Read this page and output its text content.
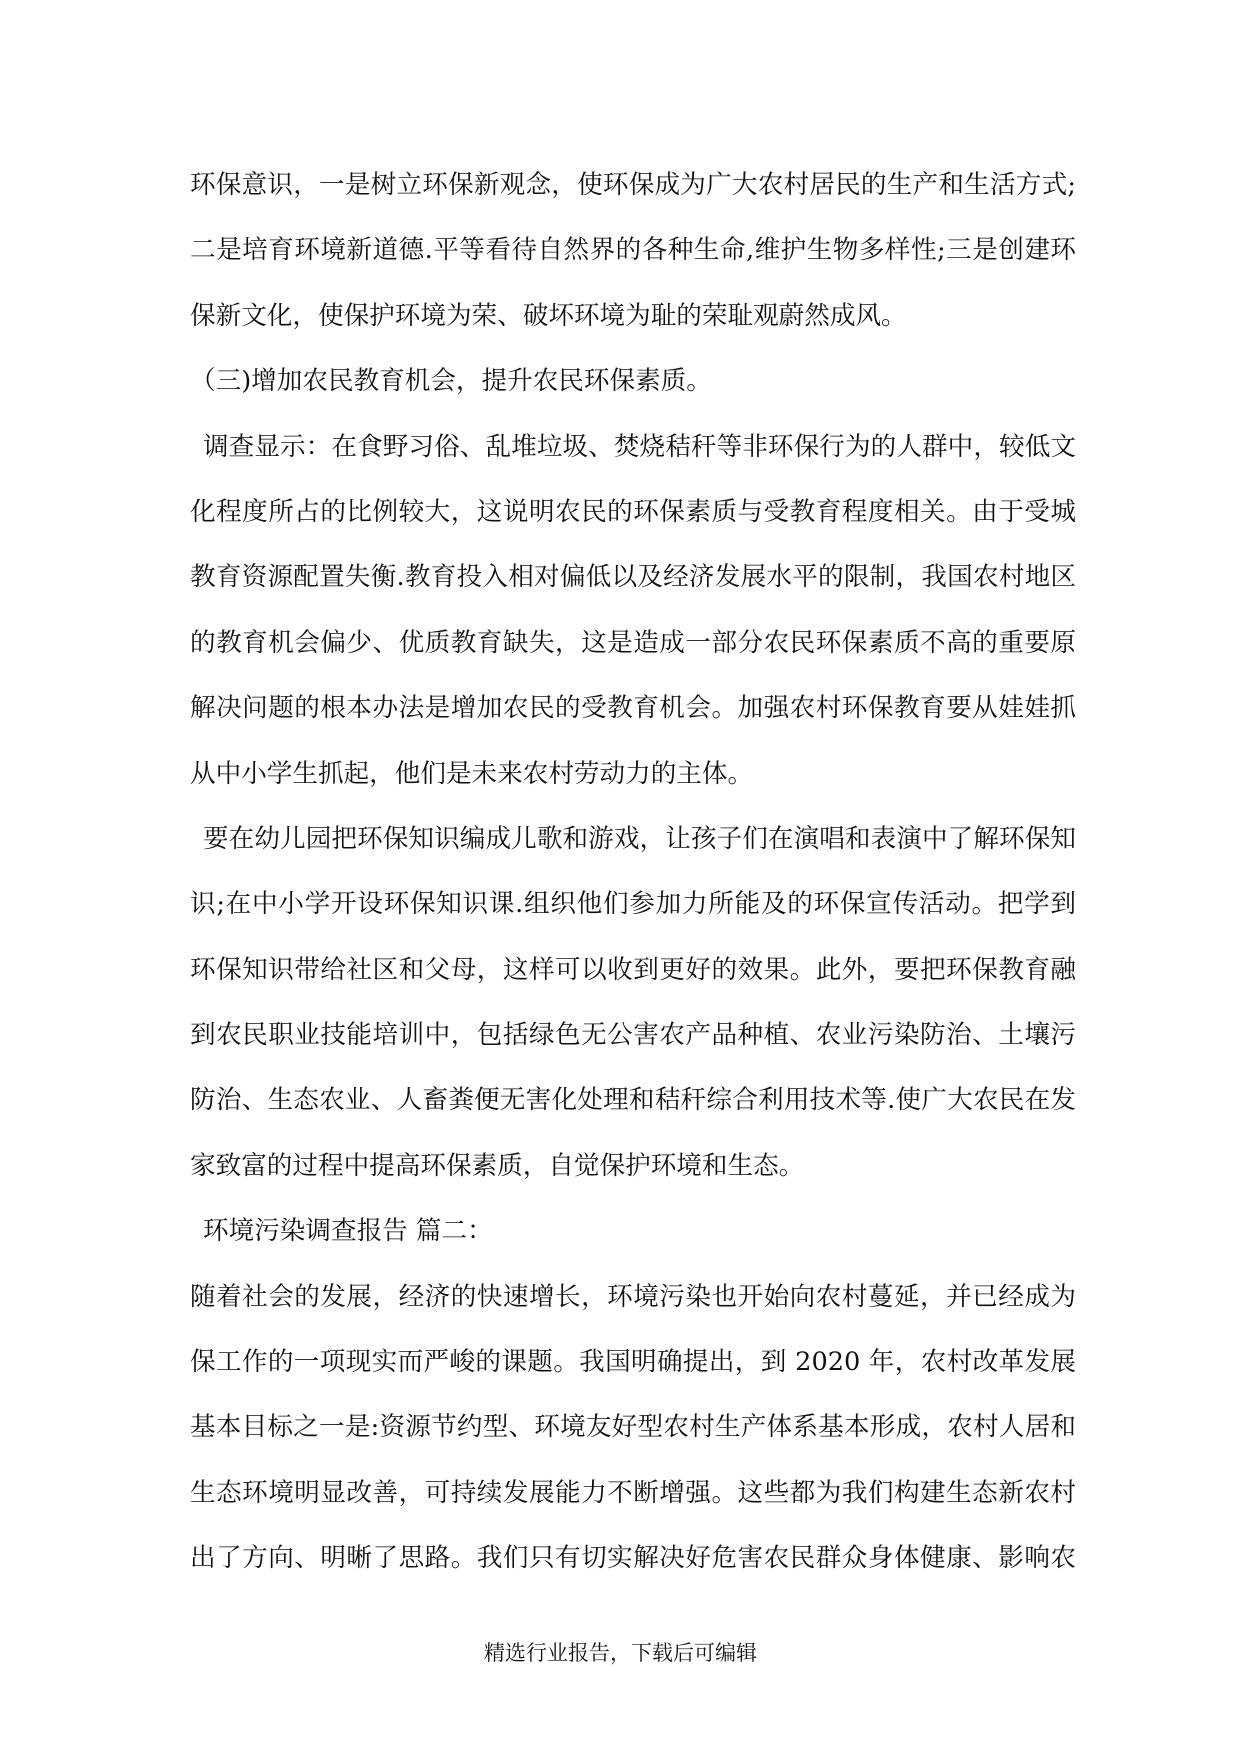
环保意识，一是树立环保新观念，使环保成为广大农村居民的生产和生活方式;
二是培育环境新道德.平等看待自然界的各种生命,维护生物多样性;三是创建环
保新文化，使保护环境为荣、破坏环境为耻的荣耻观蔚然成风。
（三)增加农民教育机会，提升农民环保素质。
调查显示：在食野习俗、乱堆垃圾、焚烧秸秆等非环保行为的人群中，较低文
化程度所占的比例较大，这说明农民的环保素质与受教育程度相关。由于受城
教育资源配置失衡.教育投入相对偏低以及经济发展水平的限制，我国农村地区
的教育机会偏少、优质教育缺失，这是造成一部分农民环保素质不高的重要原
解决问题的根本办法是增加农民的受教育机会。加强农村环保教育要从娃娃抓
从中小学生抓起，他们是未来农村劳动力的主体。
要在幼儿园把环保知识编成儿歌和游戏，让孩子们在演唱和表演中了解环保知
识;在中小学开设环保知识课.组织他们参加力所能及的环保宣传活动。把学到
环保知识带给社区和父母，这样可以收到更好的效果。此外，要把环保教育融
到农民职业技能培训中，包括绿色无公害农产品种植、农业污染防治、土壤污
防治、生态农业、人畜粪便无害化处理和秸秆综合利用技术等.使广大农民在发
家致富的过程中提高环保素质，自觉保护环境和生态。
环境污染调查报告 篇二：
随着社会的发展，经济的快速增长，环境污染也开始向农村蔓延，并已经成为
保工作的一项现实而严峻的课题。我国明确提出，到 2020 年，农村改革发展
基本目标之一是:资源节约型、环境友好型农村生产体系基本形成，农村人居和
生态环境明显改善，可持续发展能力不断增强。这些都为我们构建生态新农村
出了方向、明晰了思路。我们只有切实解决好危害农民群众身体健康、影响农
精选行业报告，下载后可编辑
